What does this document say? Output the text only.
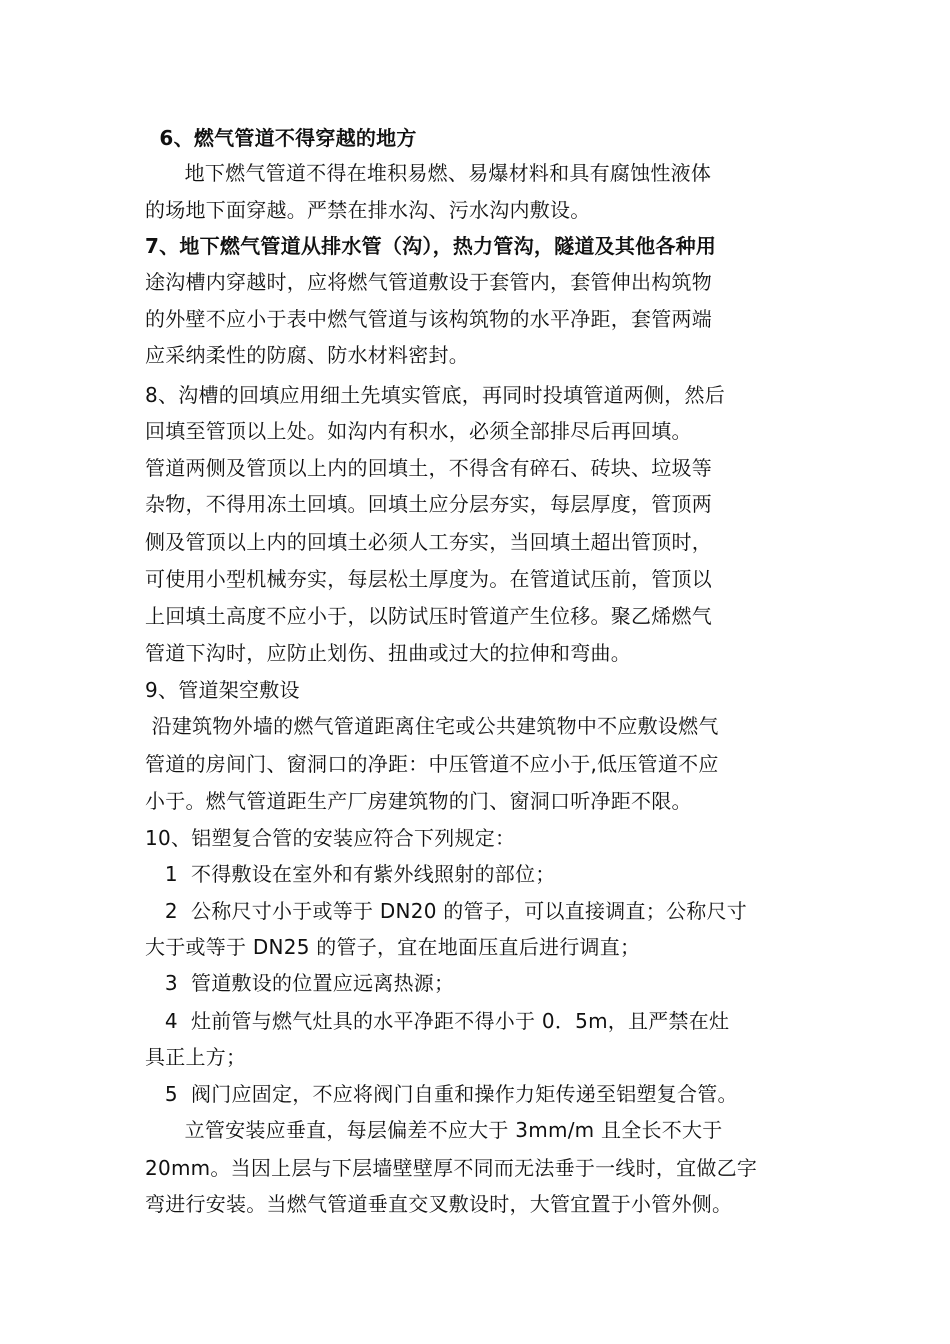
6、燃气管道不得穿越的地方
地下燃气管道不得在堆积易燃、易爆材料和具有腐蚀性液体
的场地下面穿越。严禁在排水沟、污水沟内敷设。
7、地下燃气管道从排水管（沟），热力管沟，隧道及其他各种用
途沟槽内穿越时，应将燃气管道敷设于套管内，套管伸出构筑物
的外壁不应小于表中燃气管道与该构筑物的水平净距，套管两端
应采纳柔性的防腐、防水材料密封。
8、沟槽的回填应用细土先填实管底，再同时投填管道两侧，然后
回填至管顶以上处。如沟内有积水，必须全部排尽后再回填。
管道两侧及管顶以上内的回填土，不得含有碎石、砖块、垃圾等
杂物，不得用冻土回填。回填土应分层夯实，每层厚度，管顶两
侧及管顶以上内的回填土必须人工夯实，当回填土超出管顶时，
可使用小型机械夯实，每层松土厚度为。在管道试压前，管顶以
上回填土高度不应小于，以防试压时管道产生位移。聚乙烯燃气
管道下沟时，应防止划伤、扭曲或过大的拉伸和弯曲。
9、管道架空敷设
沿建筑物外墙的燃气管道距离住宅或公共建筑物中不应敷设燃气
管道的房间门、窗洞口的净距：中压管道不应小于,低压管道不应
小于。燃气管道距生产厂房建筑物的门、窗洞口听净距不限。
10、铝塑复合管的安装应符合下列规定：
1  不得敷设在室外和有紫外线照射的部位；
2  公称尺寸小于或等于 DN20 的管子，可以直接调直；公称尺寸
大于或等于 DN25 的管子，宜在地面压直后进行调直；
3  管道敷设的位置应远离热源；
4  灶前管与燃气灶具的水平净距不得小于 0．5m，且严禁在灶
具正上方；
5  阀门应固定，不应将阀门自重和操作力矩传递至铝塑复合管。
立管安装应垂直，每层偏差不应大于 3mm/m 且全长不大于
20mm。当因上层与下层墙壁壁厚不同而无法垂于一线时，宜做乙字
弯进行安装。当燃气管道垂直交叉敷设时，大管宜置于小管外侧。
